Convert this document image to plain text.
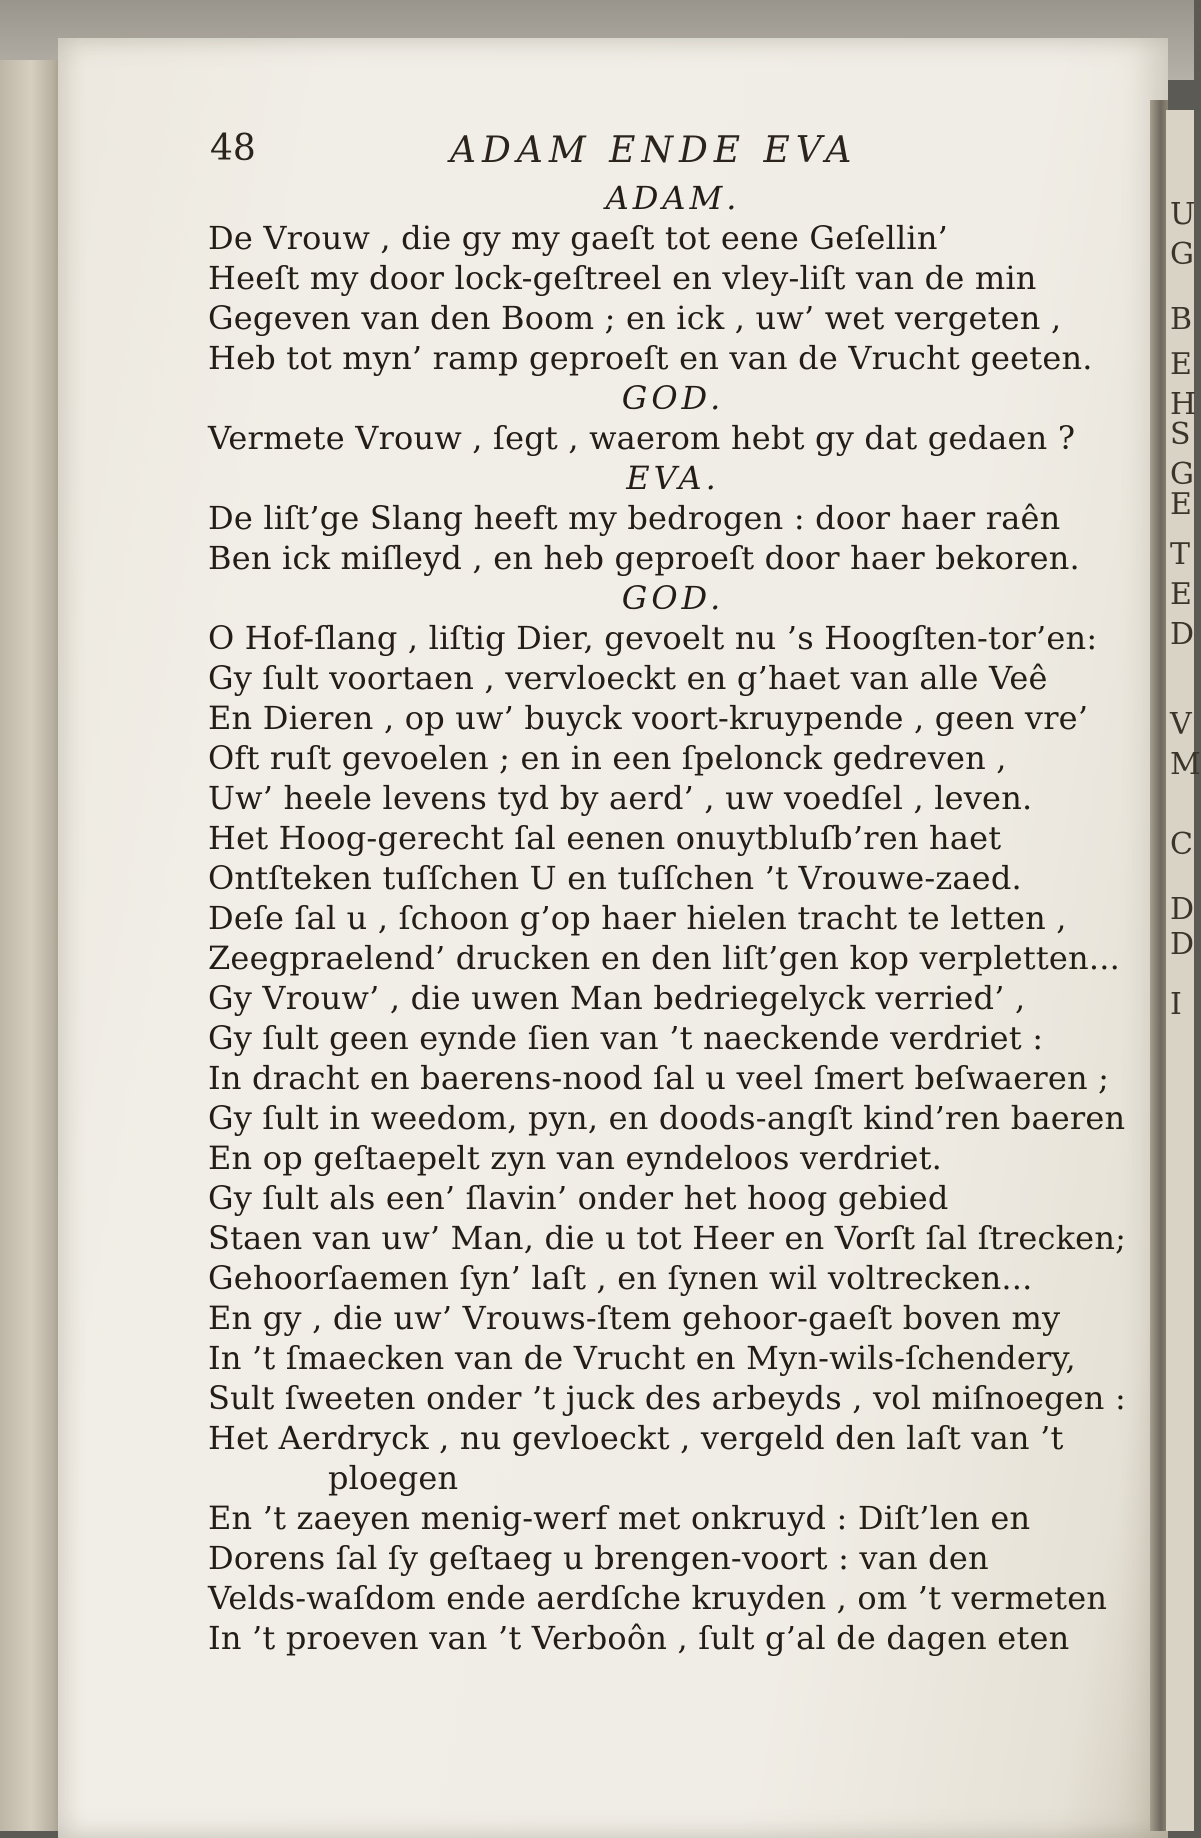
U
G
B
E
H
S
G
E
T
E
D
V
M
C
D
D
I
48	ADAM ENDE EVA
ADAM.
De Vrouw , die gy my gaeſt tot eene Geſellin’
Heeſt my door lock-geſtreel en vley-liſt van de min
Gegeven van den Boom ; en ick , uw’ wet vergeten ,
Heb tot myn’ ramp geproeſt en van de Vrucht geeten.
GOD.
Vermete Vrouw , ſegt , waerom hebt gy dat gedaen ?
EVA.
De liſt’ge Slang heeft my bedrogen : door haer raên
Ben ick miſleyd , en heb geproeſt door haer bekoren.
GOD.
O Hof-ſlang , liſtig Dier, gevoelt nu ’s Hoogſten-tor’en:
Gy ſult voortaen , vervloeckt en g’haet van alle Veê
En Dieren , op uw’ buyck voort-kruypende , geen vre’
Oft ruſt gevoelen ; en in een ſpelonck gedreven ,
Uw’ heele levens tyd by aerd’ , uw voedſel , leven.
Het Hoog-gerecht ſal eenen onuytbluſb’ren haet
Ontſteken tuſſchen U en tuſſchen ’t Vrouwe-zaed.
Deſe ſal u , ſchoon g’op haer hielen tracht te letten ,
Zeegpraelend’ drucken en den liſt’gen kop verpletten...
Gy Vrouw’ , die uwen Man bedriegelyck verried’ ,
Gy ſult geen eynde ſien van ’t naeckende verdriet :
In dracht en baerens-nood ſal u veel ſmert beſwaeren ;
Gy ſult in weedom, pyn, en doods-angſt kind’ren baeren
En op geſtaepelt zyn van eyndeloos verdriet.
Gy ſult als een’ ſlavin’ onder het hoog gebied
Staen van uw’ Man, die u tot Heer en Vorſt ſal ſtrecken;
Gehoorſaemen ſyn’ laſt , en ſynen wil voltrecken...
En gy , die uw’ Vrouws-ſtem gehoor-gaeſt boven my
In ’t ſmaecken van de Vrucht en Myn-wils-ſchendery,
Sult ſweeten onder ’t juck des arbeyds , vol miſnoegen :
Het Aerdryck , nu gevloeckt , vergeld den laſt van ’t
ploegen
En ’t zaeyen menig-werf met onkruyd : Diſt’len en
Dorens ſal ſy geſtaeg u brengen-voort : van den
Velds-waſdom ende aerdſche kruyden , om ’t vermeten
In ’t proeven van ’t Verboôn , ſult g’al de dagen eten
